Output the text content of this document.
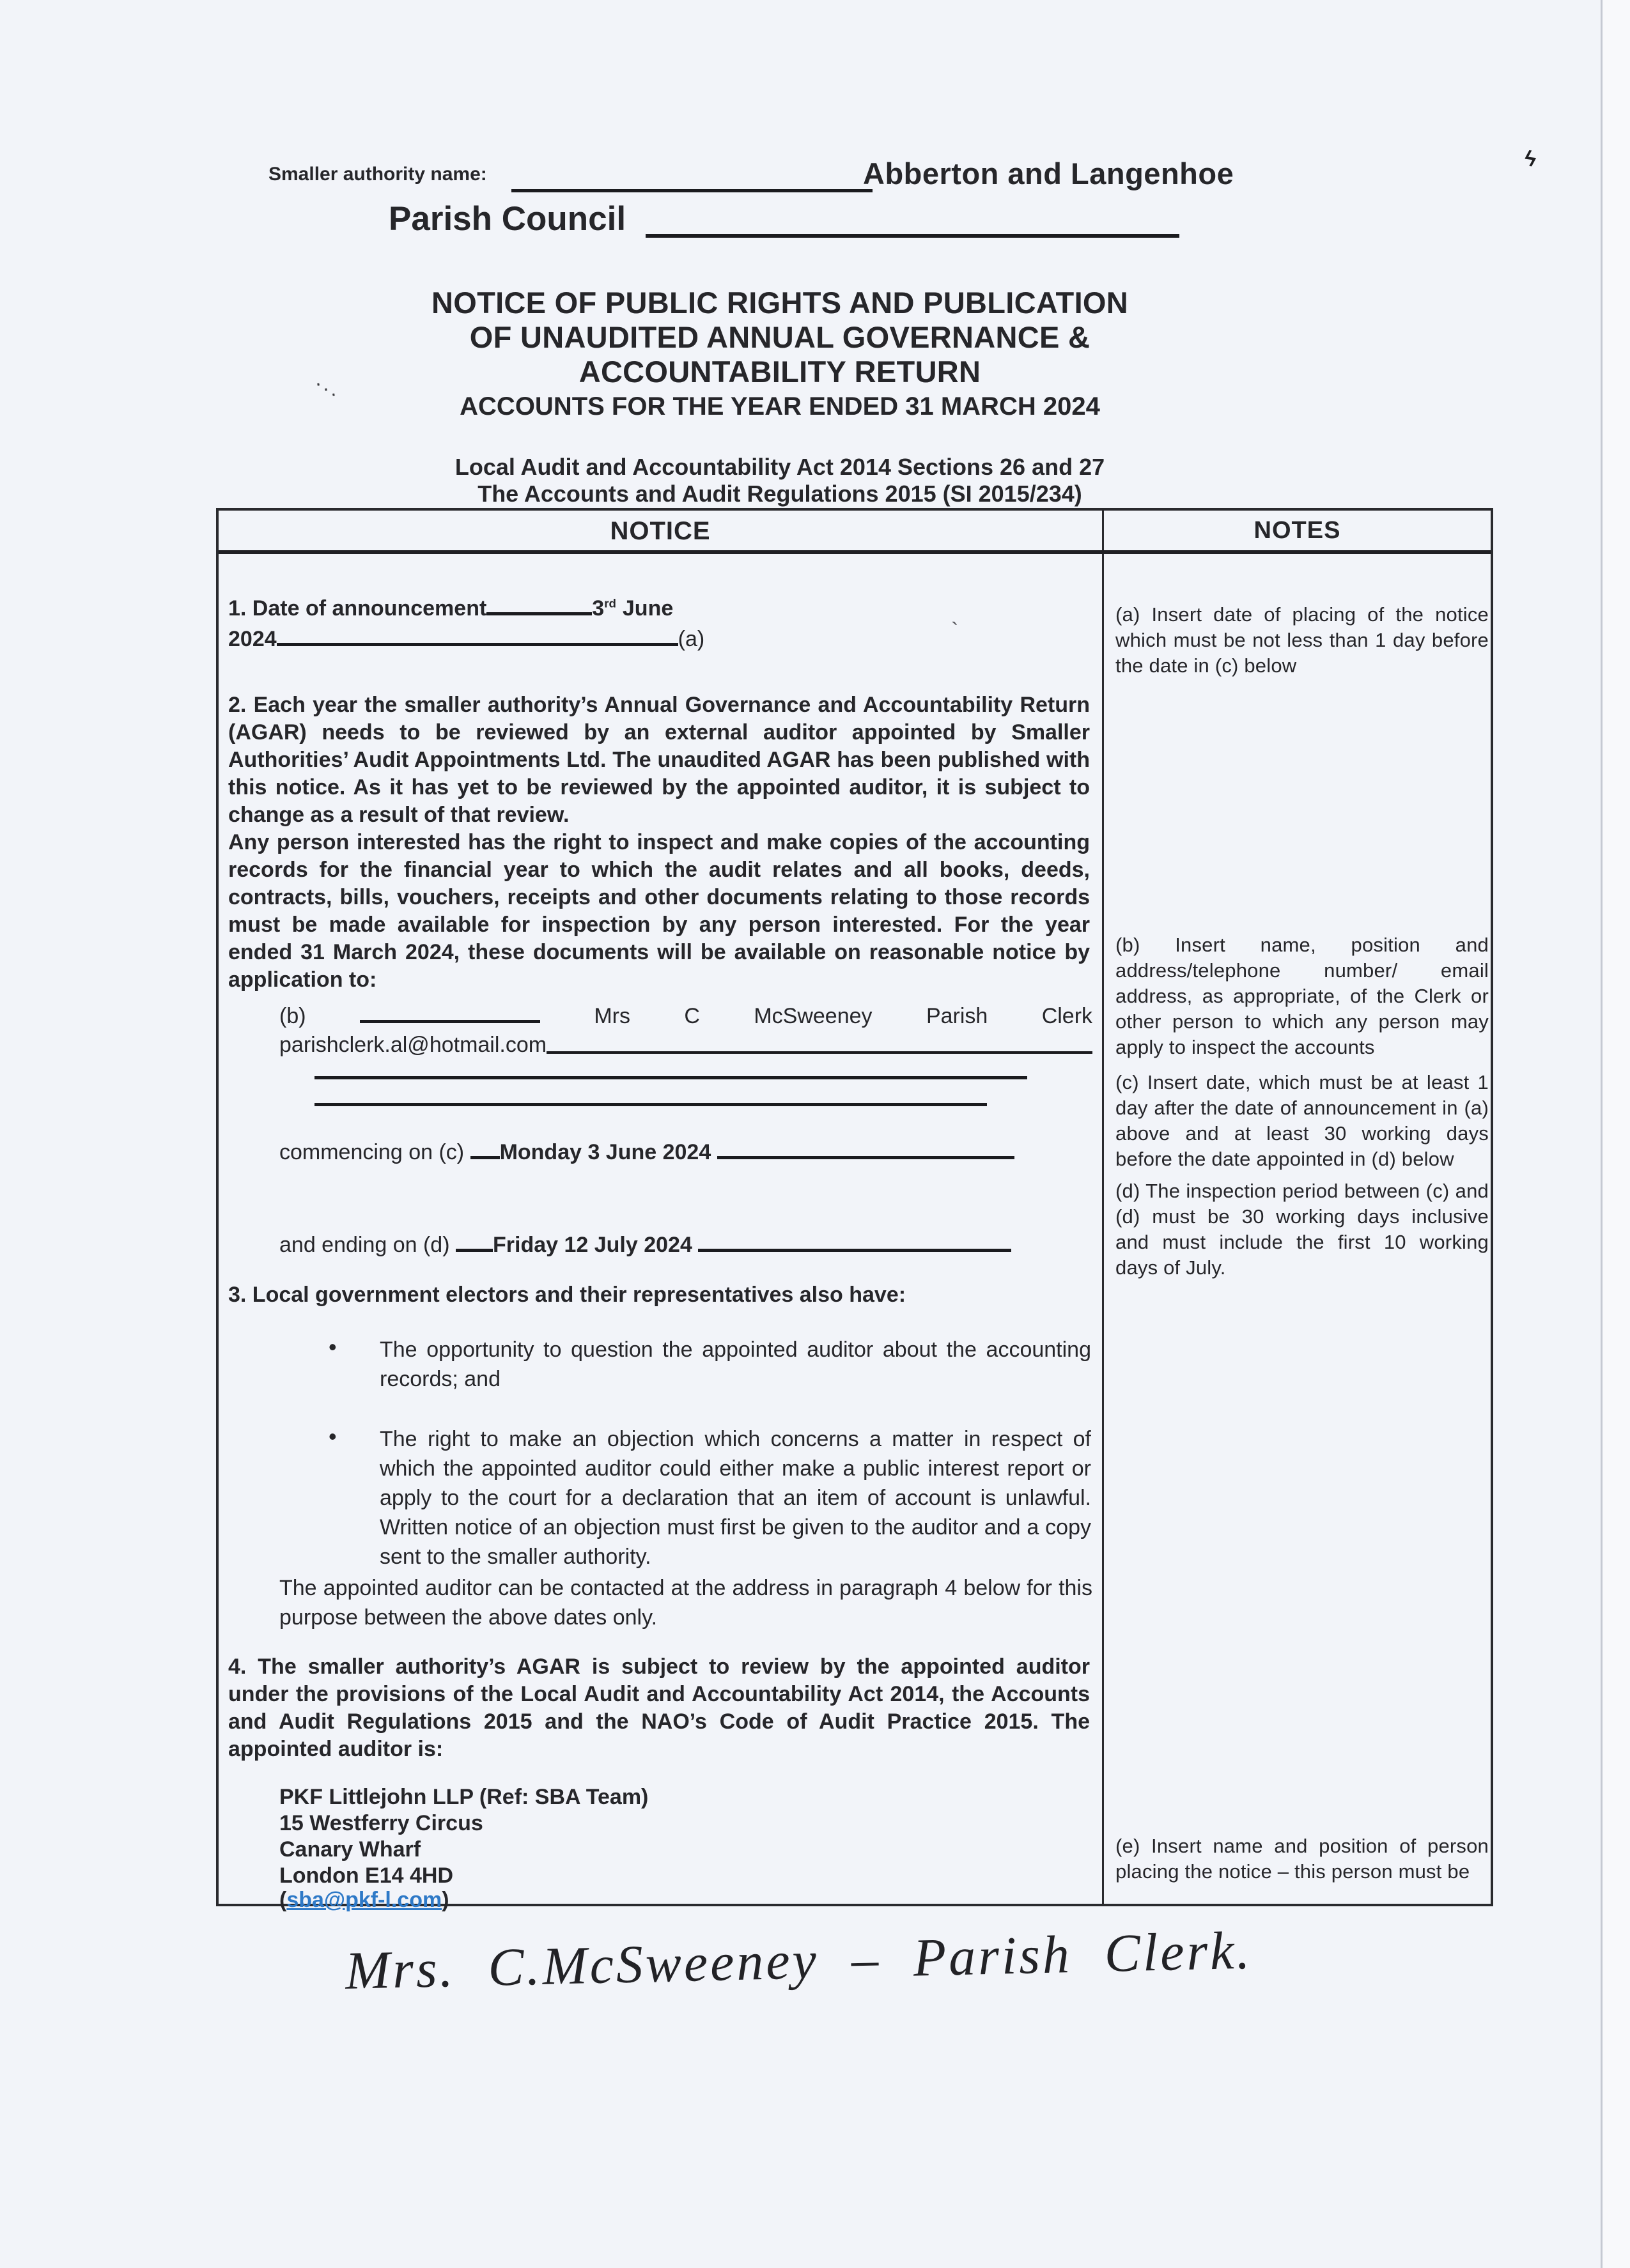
ϟ
⋱
`
Smaller authority name:	Abberton and Langenhoe
Parish Council
NOTICE OF PUBLIC RIGHTS AND PUBLICATION
OF UNAUDITED ANNUAL GOVERNANCE &
ACCOUNTABILITY RETURN
ACCOUNTS FOR THE YEAR ENDED 31 MARCH 2024
Local Audit and Accountability Act 2014 Sections 26 and 27
The Accounts and Audit Regulations 2015 (SI 2015/234)
NOTICE	NOTES
1. Date of announcement	3rd June
2024	(a)
2. Each year the smaller authority’s Annual Governance and Accountability Return (AGAR) needs to be reviewed by an external auditor appointed by Smaller Authorities’ Audit Appointments Ltd. The unaudited AGAR has been published with this notice. As it has yet to be reviewed by the appointed auditor, it is subject to change as a result of that review.
Any person interested has the right to inspect and make copies of the accounting records for the financial year to which the audit relates and all books, deeds, contracts, bills, vouchers, receipts and other documents relating to those records must be made available for inspection by any person interested. For the year ended 31 March 2024, these documents will be available on reasonable notice by application to:
(b)	Mrs C McSweeney Parish Clerk
parishclerk.al@hotmail.com
commencing on (c) Monday 3 June 2024
and ending on (d) Friday 12 July 2024
3. Local government electors and their representatives also have:
• The opportunity to question the appointed auditor about the accounting records; and
• The right to make an objection which concerns a matter in respect of which the appointed auditor could either make a public interest report or apply to the court for a declaration that an item of account is unlawful. Written notice of an objection must first be given to the auditor and a copy sent to the smaller authority.
The appointed auditor can be contacted at the address in paragraph 4 below for this purpose between the above dates only.
4. The smaller authority’s AGAR is subject to review by the appointed auditor under the provisions of the Local Audit and Accountability Act 2014, the Accounts and Audit Regulations 2015 and the NAO’s Code of Audit Practice 2015. The appointed auditor is:
PKF Littlejohn LLP (Ref: SBA Team)
15 Westferry Circus
Canary Wharf
London E14 4HD
(sba@pkf-l.com)
(a) Insert date of placing of the notice which must be not less than 1 day before the date in (c) below
(b) Insert name, position and address/telephone number/ email address, as appropriate, of the Clerk or other person to which any person may apply to inspect the accounts
(c) Insert date, which must be at least 1 day after the date of announcement in (a) above and at least 30 working days before the date appointed in (d) below
(d) The inspection period between (c) and (d) must be 30 working days inclusive and must include the first 10 working days of July.
(e) Insert name and position of person placing the notice – this person must be
Mrs. C.McSweeney – Parish Clerk.
